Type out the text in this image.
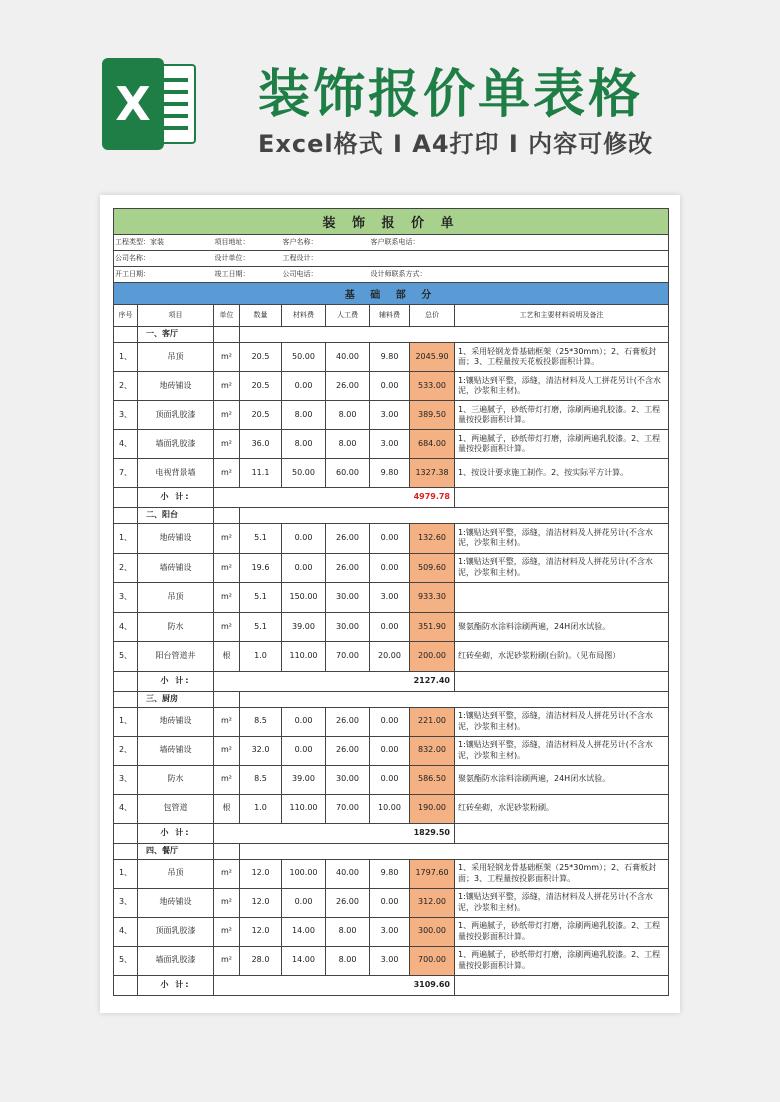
X 装饰报价单表格
Excel格式 I A4打印 I 内容可修改
装 饰 报 价 单								
工程类型：家装		项目地址：		客户名称：		客户联系电话：		
公司名称：		设计单位：		工程设计：				
开工日期：		竣工日期：		公司电话：		设计师联系方式：		
基 础 部 分								
序号	项目	单位	数量	材料费	人工费	辅料费	总价	工艺和主要材料说明及备注
	一、客厅							
1、	吊顶	m²	20.5	50.00	40.00	9.80	2045.90	1、采用轻钢龙骨基础框架（25*30mm）；2、石膏板封面；3、工程量按天花板投影面积计算。
2、	地砖铺设	m²	20.5	0.00	26.00	0.00	533.00	1:镶贴达到平整，添缝，清洁材料及人工拼花另计(不含水泥，沙浆和主材)。
3、	顶面乳胶漆	m²	20.5	8.00	8.00	3.00	389.50	1、三遍腻子，砂纸带灯打磨，涂刷两遍乳胶漆。2、工程量按投影面积计算。
4、	墙面乳胶漆	m²	36.0	8.00	8.00	3.00	684.00	1、两遍腻子，砂纸带灯打磨，涂刷两遍乳胶漆。2、工程量按投影面积计算。
7、	电视背景墙	m²	11.1	50.00	60.00	9.80	1327.38	1、按设计要求施工制作。2、按实际平方计算。
	小 计:	4979.78						
	二、阳台							
1、	地砖铺设	m²	5.1	0.00	26.00	0.00	132.60	1:镶贴达到平整，添缝，清洁材料及人拼花另计(不含水泥，沙浆和主材)。
2、	墙砖铺设	m²	19.6	0.00	26.00	0.00	509.60	1:镶贴达到平整，添缝，清洁材料及人拼花另计(不含水泥，沙浆和主材)。
3、	吊顶	m²	5.1	150.00	30.00	3.00	933.30	
4、	防水	m²	5.1	39.00	30.00	0.00	351.90	聚氨酯防水涂料涂刷两遍，24H闭水试验。
5、	阳台管道井	根	1.0	110.00	70.00	20.00	200.00	红砖垒砌，水泥砂浆粉刷(台阶)。（见布局图）
	小 计:	2127.40						
	三、厨房							
1、	地砖铺设	m²	8.5	0.00	26.00	0.00	221.00	1:镶贴达到平整，添缝，清洁材料及人拼花另计(不含水泥，沙浆和主材)。
2、	墙砖铺设	m²	32.0	0.00	26.00	0.00	832.00	1:镶贴达到平整，添缝，清洁材料及人拼花另计(不含水泥，沙浆和主材)。
3、	防水	m²	8.5	39.00	30.00	0.00	586.50	聚氨酯防水涂料涂刷两遍，24H闭水试验。
4、	包管道	根	1.0	110.00	70.00	10.00	190.00	红砖垒砌，水泥砂浆粉刷。
	小 计:	1829.50						
	四、餐厅							
1、	吊顶	m²	12.0	100.00	40.00	9.80	1797.60	1、采用轻钢龙骨基础框架（25*30mm）；2、石膏板封面；3、工程量按投影面积计算。
3、	地砖铺设	m²	12.0	0.00	26.00	0.00	312.00	1:镶贴达到平整，添缝，清洁材料及人拼花另计(不含水泥，沙浆和主材)。
4、	顶面乳胶漆	m²	12.0	14.00	8.00	3.00	300.00	1、两遍腻子，砂纸带灯打磨，涂刷两遍乳胶漆。2、工程量按投影面积计算。
5、	墙面乳胶漆	m²	28.0	14.00	8.00	3.00	700.00	1、两遍腻子，砂纸带灯打磨，涂刷两遍乳胶漆。2、工程量按投影面积计算。
	小 计:	3109.60						
